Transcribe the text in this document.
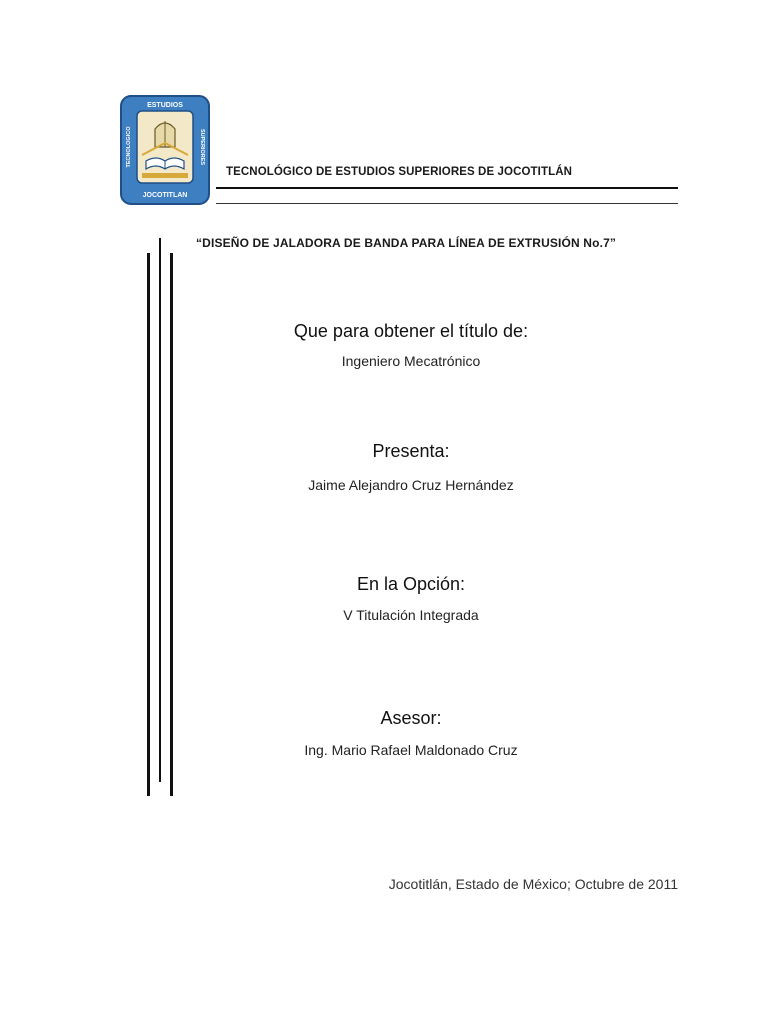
ESTUDIOS
JOCOTITLAN
TECNOLOGICO	SUPERIORES
TECNOLÓGICO DE ESTUDIOS SUPERIORES DE JOCOTITLÁN
“DISEÑO DE JALADORA DE BANDA PARA LÍNEA DE EXTRUSIÓN No.7”
Que para obtener el título de:
Ingeniero Mecatrónico
Presenta:
Jaime Alejandro Cruz Hernández
En la Opción:
V Titulación Integrada
Asesor:
Ing. Mario Rafael Maldonado Cruz
Jocotitlán, Estado de México; Octubre de 2011
